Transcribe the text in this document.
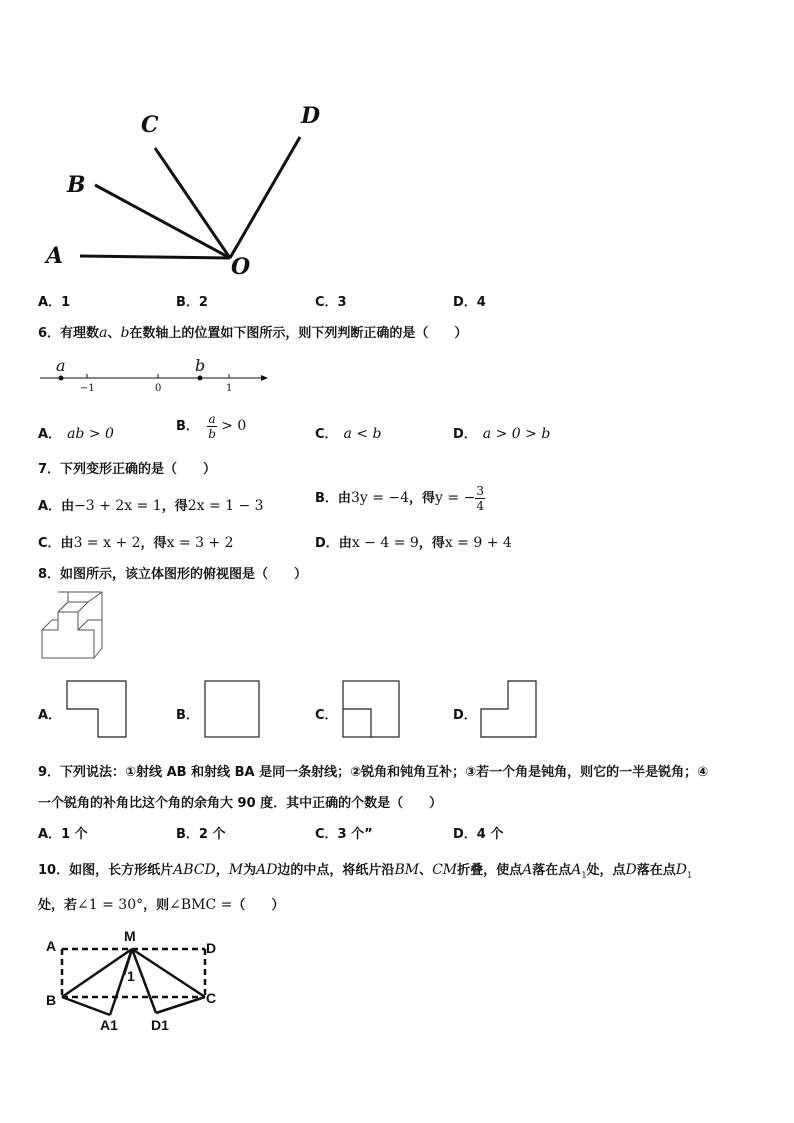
A
B
C	D
O
A．1	B．2	C．3	D．4
6．有理数a、b在数轴上的位置如下图所示，则下列判断正确的是（　　）
a	b
−1	0	1
A． ab > 0	B． $\frac{a}{b} > 0$
C． a < b	D． a > 0 > b
7．下列变形正确的是（　　）
A．由−3 + 2x = 1，得2x = 1 − 3	B．由3y = −4，得y = − $\frac{3}{4}$
C．由3 = x + 2，得x = 3 + 2	D．由x − 4 = 9，得x = 9 + 4
8．如图所示，该立体图形的俯视图是（　　）
A．	B．	C．	D．
9．下列说法：①射线 AB 和射线 BA 是同一条射线；②锐角和钝角互补；③若一个角是钝角，则它的一半是锐角；④
一个锐角的补角比这个角的余角大 90 度．其中正确的个数是（　　）
A．1 个	B．2 个	C．3 个”	D．4 个
10．如图，长方形纸片ABCD，M为AD边的中点，将纸片沿BM、CM折叠，使点A落在点$A_1$处，点D落在点$D_1$
处，若∠1 = 30°，则∠BMC =（　　）
A
M
D
B	C
A1 D1
1
